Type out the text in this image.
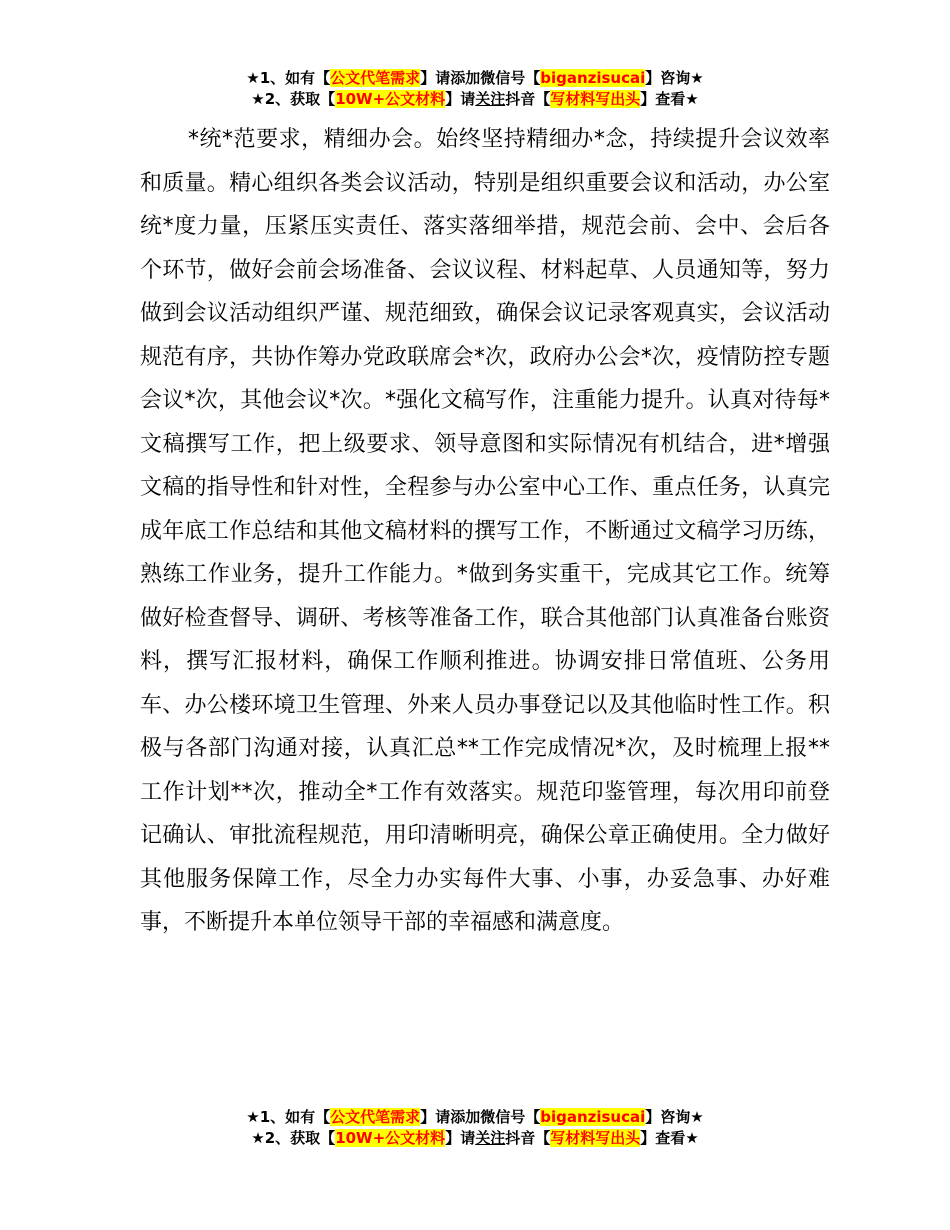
★1、如有【公文代笔需求】请添加微信号【biganzisucai】咨询★
★2、获取【10W+公文材料】请关注抖音【写材料写出头】查看★

*统*范要求，精细办会。始终坚持精细办*念，持续提升会议效率和质量。精心组织各类会议活动，特别是组织重要会议和活动，办公室统*度力量，压紧压实责任、落实落细举措，规范会前、会中、会后各个环节，做好会前会场准备、会议议程、材料起草、人员通知等，努力做到会议活动组织严谨、规范细致，确保会议记录客观真实，会议活动规范有序，共协作筹办党政联席会*次，政府办公会*次，疫情防控专题会议*次，其他会议*次。*强化文稿写作，注重能力提升。认真对待每*文稿撰写工作，把上级要求、领导意图和实际情况有机结合，进*增强文稿的指导性和针对性，全程参与办公室中心工作、重点任务，认真完成年底工作总结和其他文稿材料的撰写工作，不断通过文稿学习历练，熟练工作业务，提升工作能力。*做到务实重干，完成其它工作。统筹做好检查督导、调研、考核等准备工作，联合其他部门认真准备台账资料，撰写汇报材料，确保工作顺利推进。协调安排日常值班、公务用车、办公楼环境卫生管理、外来人员办事登记以及其他临时性工作。积极与各部门沟通对接，认真汇总**工作完成情况*次，及时梳理上报**工作计划**次，推动全*工作有效落实。规范印鉴管理，每次用印前登记确认、审批流程规范，用印清晰明亮，确保公章正确使用。全力做好其他服务保障工作，尽全力办实每件大事、小事，办妥急事、办好难事，不断提升本单位领导干部的幸福感和满意度。

★1、如有【公文代笔需求】请添加微信号【biganzisucai】咨询★
★2、获取【10W+公文材料】请关注抖音【写材料写出头】查看★
